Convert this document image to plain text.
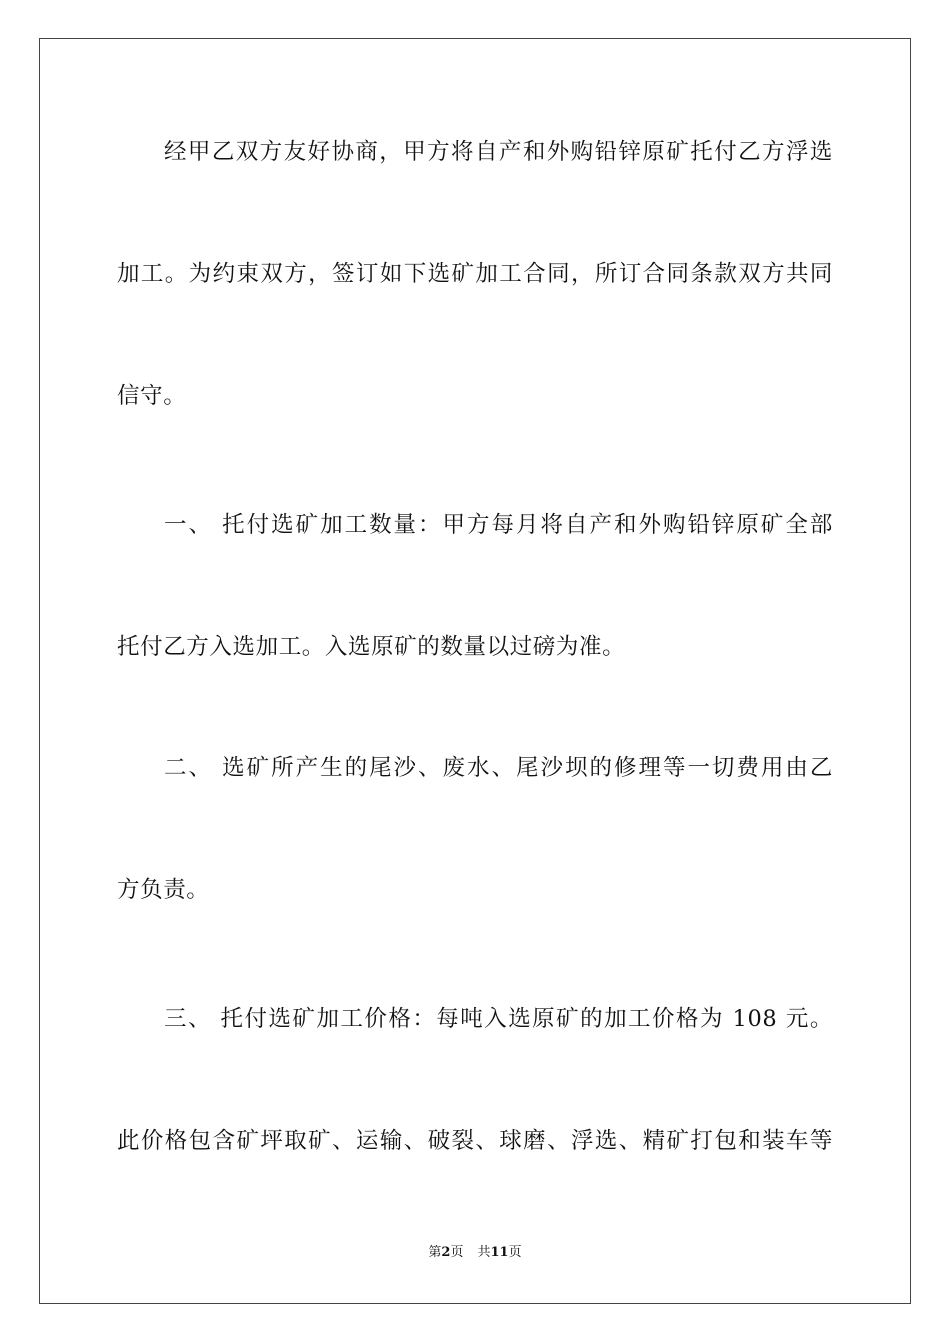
经甲乙双方友好协商，甲方将自产和外购铅锌原矿托付乙方浮选
加工。为约束双方，签订如下选矿加工合同，所订合同条款双方共同
信守。
一、 托付选矿加工数量：甲方每月将自产和外购铅锌原矿全部
托付乙方入选加工。入选原矿的数量以过磅为准。
二、 选矿所产生的尾沙、废水、尾沙坝的修理等一切费用由乙
方负责。
三、 托付选矿加工价格：每吨入选原矿的加工价格为 108 元。
此价格包含矿坪取矿、运输、破裂、球磨、浮选、精矿打包和装车等
第2页 共11页
